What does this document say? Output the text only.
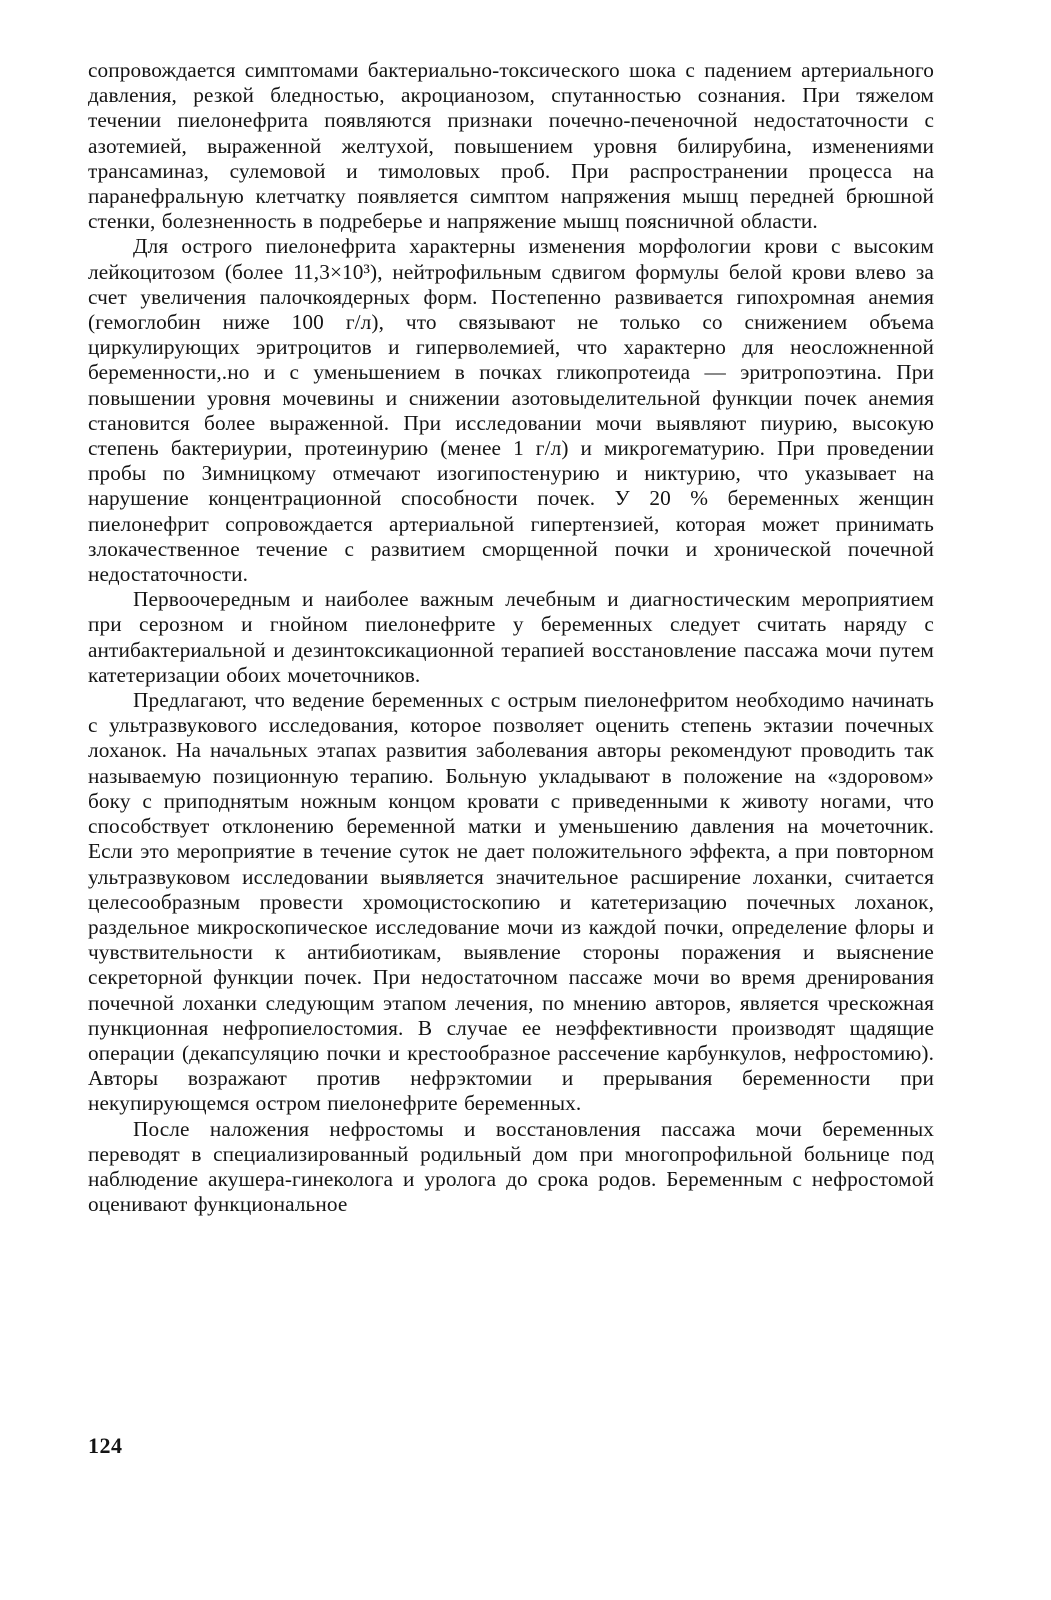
сопровождается симптомами бактериально-токсического шока с падением артериального давления, резкой бледностью, акроцианозом, спутанностью сознания. При тяжелом течении пиелонефрита появляются признаки почечно-печеночной недостаточности с азотемией, выраженной желтухой, повышением уровня билирубина, изменениями трансаминаз, сулемовой и тимоловых проб. При распространении процесса на паранефральную клетчатку появляется симптом напряжения мышц передней брюшной стенки, болезненность в подреберье и напряжение мышц поясничной области.

Для острого пиелонефрита характерны изменения морфологии крови с высоким лейкоцитозом (более 11,3×10³), нейтрофильным сдвигом формулы белой крови влево за счет увеличения палочкоядерных форм. Постепенно развивается гипохромная анемия (гемоглобин ниже 100 г/л), что связывают не только со снижением объема циркулирующих эритроцитов и гиперволемией, что характерно для неосложненной беременности,.но и с уменьшением в почках гликопротеида — эритропоэтина. При повышении уровня мочевины и снижении азотовыделительной функции почек анемия становится более выраженной. При исследовании мочи выявляют пиурию, высокую степень бактериурии, протеинурию (менее 1 г/л) и микрогематурию. При проведении пробы по Зимницкому отмечают изогипостенурию и никтурию, что указывает на нарушение концентрационной способности почек. У 20 % беременных женщин пиелонефрит сопровождается артериальной гипертензией, которая может принимать злокачественное течение с развитием сморщенной почки и хронической почечной недостаточности.

Первоочередным и наиболее важным лечебным и диагностическим мероприятием при серозном и гнойном пиелонефрите у беременных следует считать наряду с антибактериальной и дезинтоксикационной терапией восстановление пассажа мочи путем катетеризации обоих мочеточников.

Предлагают, что ведение беременных с острым пиелонефритом необходимо начинать с ультразвукового исследования, которое позволяет оценить степень эктазии почечных лоханок. На начальных этапах развития заболевания авторы рекомендуют проводить так называемую позиционную терапию. Больную укладывают в положение на «здоровом» боку с приподнятым ножным концом кровати с приведенными к животу ногами, что способствует отклонению беременной матки и уменьшению давления на мочеточник. Если это мероприятие в течение суток не дает положительного эффекта, а при повторном ультразвуковом исследовании выявляется значительное расширение лоханки, считается целесообразным провести хромоцистоскопию и катетеризацию почечных лоханок, раздельное микроскопическое исследование мочи из каждой почки, определение флоры и чувствительности к антибиотикам, выявление стороны поражения и выяснение секреторной функции почек. При недостаточном пассаже мочи во время дренирования почечной лоханки следующим этапом лечения, по мнению авторов, является чрескожная пункционная нефропиелостомия. В случае ее неэффективности производят щадящие операции (декапсуляцию почки и крестообразное рассечение карбункулов, нефростомию). Авторы возражают против нефрэктомии и прерывания беременности при некупирующемся остром пиелонефрите беременных.

После наложения нефростомы и восстановления пассажа мочи беременных переводят в специализированный родильный дом при многопрофильной больнице под наблюдение акушера-гинеколога и уролога до срока родов. Беременным с нефростомой оценивают функциональное

124
